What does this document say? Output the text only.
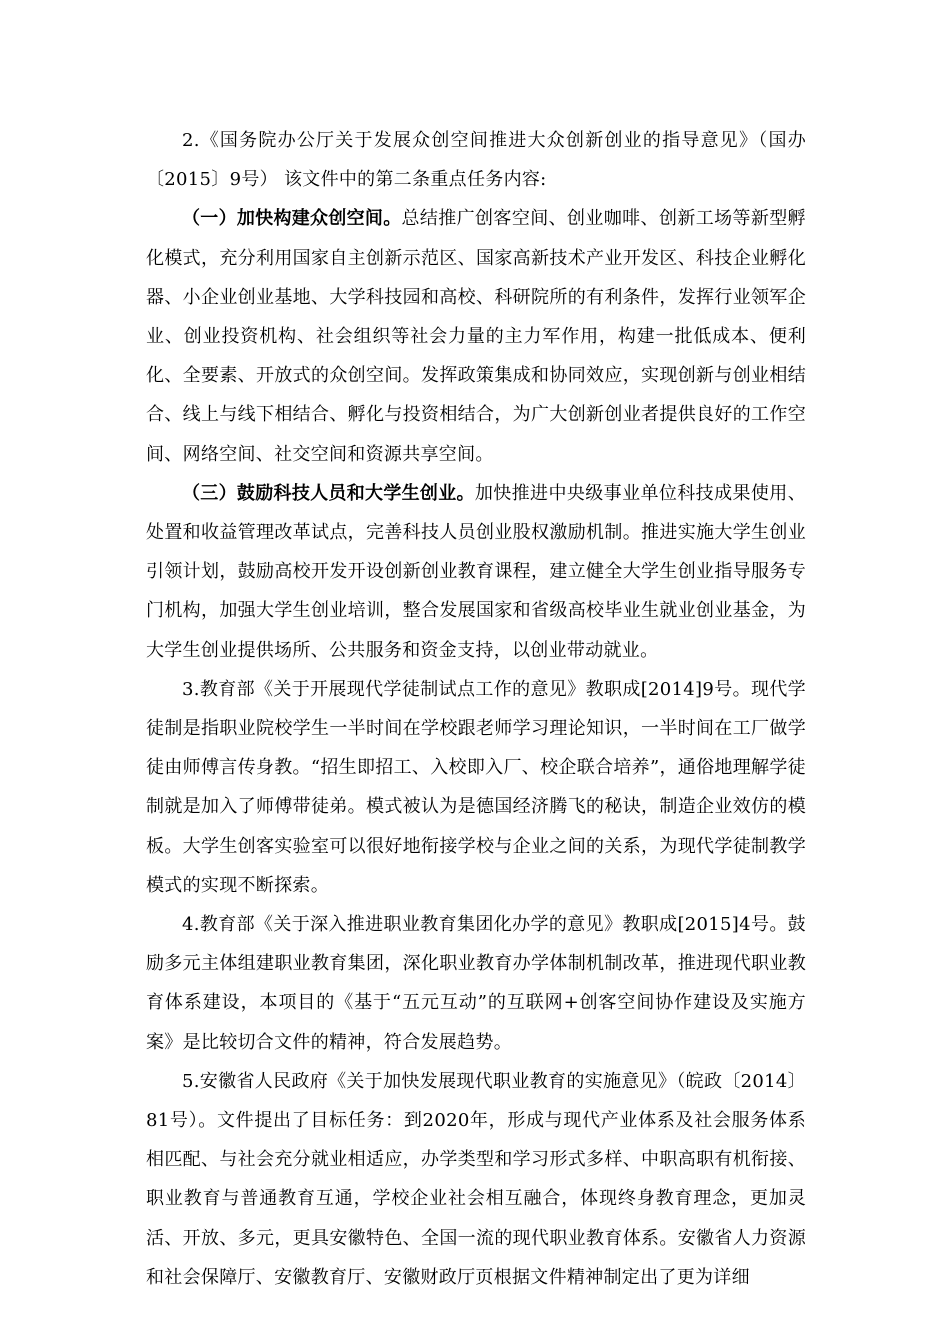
2.《国务院办公厅关于发展众创空间推进大众创新创业的指导意见》（国办〔2015〕9号） 该文件中的第二条重点任务内容:

（一）加快构建众创空间。总结推广创客空间、创业咖啡、创新工场等新型孵化模式，充分利用国家自主创新示范区、国家高新技术产业开发区、科技企业孵化器、小企业创业基地、大学科技园和高校、科研院所的有利条件，发挥行业领军企业、创业投资机构、社会组织等社会力量的主力军作用，构建一批低成本、便利化、全要素、开放式的众创空间。发挥政策集成和协同效应，实现创新与创业相结合、线上与线下相结合、孵化与投资相结合，为广大创新创业者提供良好的工作空间、网络空间、社交空间和资源共享空间。

（三）鼓励科技人员和大学生创业。加快推进中央级事业单位科技成果使用、处置和收益管理改革试点，完善科技人员创业股权激励机制。推进实施大学生创业引领计划，鼓励高校开发开设创新创业教育课程，建立健全大学生创业指导服务专门机构，加强大学生创业培训，整合发展国家和省级高校毕业生就业创业基金，为大学生创业提供场所、公共服务和资金支持，以创业带动就业。

3.教育部《关于开展现代学徒制试点工作的意见》教职成[2014]9号。现代学徒制是指职业院校学生一半时间在学校跟老师学习理论知识，一半时间在工厂做学徒由师傅言传身教。“招生即招工、入校即入厂、校企联合培养”，通俗地理解学徒制就是加入了师傅带徒弟。模式被认为是德国经济腾飞的秘诀，制造企业效仿的模板。大学生创客实验室可以很好地衔接学校与企业之间的关系，为现代学徒制教学模式的实现不断探索。

4.教育部《关于深入推进职业教育集团化办学的意见》教职成[2015]4号。鼓励多元主体组建职业教育集团，深化职业教育办学体制机制改革，推进现代职业教育体系建设，本项目的《基于“五元互动”的互联网+创客空间协作建设及实施方案》是比较切合文件的精神，符合发展趋势。

5.安徽省人民政府《关于加快发展现代职业教育的实施意见》（皖政〔2014〕81号）。文件提出了目标任务：到2020年，形成与现代产业体系及社会服务体系相匹配、与社会充分就业相适应，办学类型和学习形式多样、中职高职有机衔接、职业教育与普通教育互通，学校企业社会相互融合，体现终身教育理念，更加灵活、开放、多元，更具安徽特色、全国一流的现代职业教育体系。安徽省人力资源和社会保障厅、安徽教育厅、安徽财政厅页根据文件精神制定出了更为详细
